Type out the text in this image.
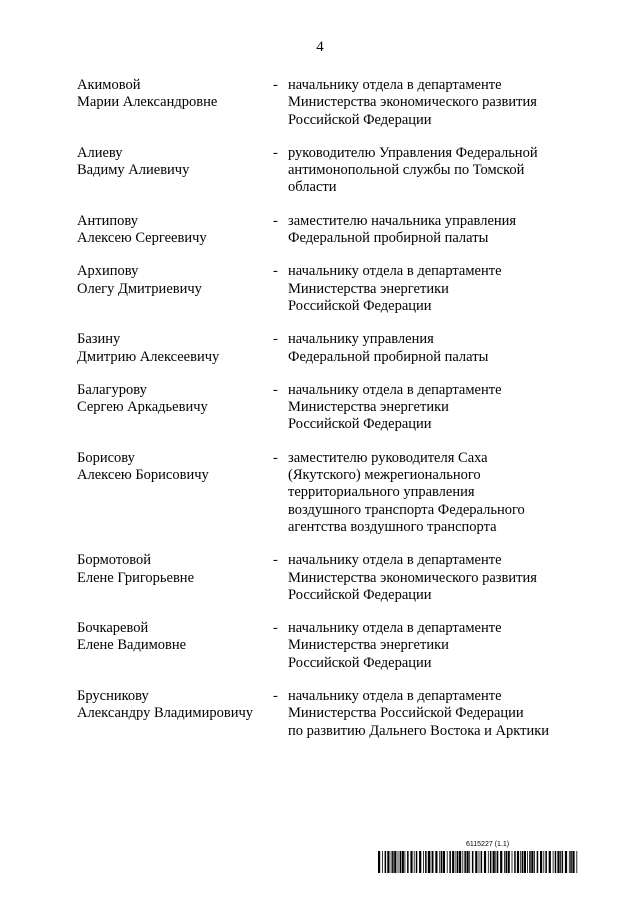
4
Акимовой
Марии Александровне
- начальнику отдела в департаменте
Министерства экономического развития
Российской Федерации
Алиеву
Вадиму Алиевичу
- руководителю Управления Федеральной
антимонопольной службы по Томской
области
Антипову
Алексею Сергеевичу
- заместителю начальника управления
Федеральной пробирной палаты
Архипову
Олегу Дмитриевичу
- начальнику отдела в департаменте
Министерства энергетики
Российской Федерации
Базину
Дмитрию Алексеевичу
- начальнику управления
Федеральной пробирной палаты
Балагурову
Сергею Аркадьевичу
- начальнику отдела в департаменте
Министерства энергетики
Российской Федерации
Борисову
Алексею Борисовичу
- заместителю руководителя Саха
(Якутского) межрегионального
территориального управления
воздушного транспорта Федерального
агентства воздушного транспорта
Бормотовой
Елене Григорьевне
- начальнику отдела в департаменте
Министерства экономического развития
Российской Федерации
Бочкаревой
Елене Вадимовне
- начальнику отдела в департаменте
Министерства энергетики
Российской Федерации
Брусникову
Александру Владимировичу
- начальнику отдела в департаменте
Министерства Российской Федерации
по развитию Дальнего Востока и Арктики
6115227 (1.1)
